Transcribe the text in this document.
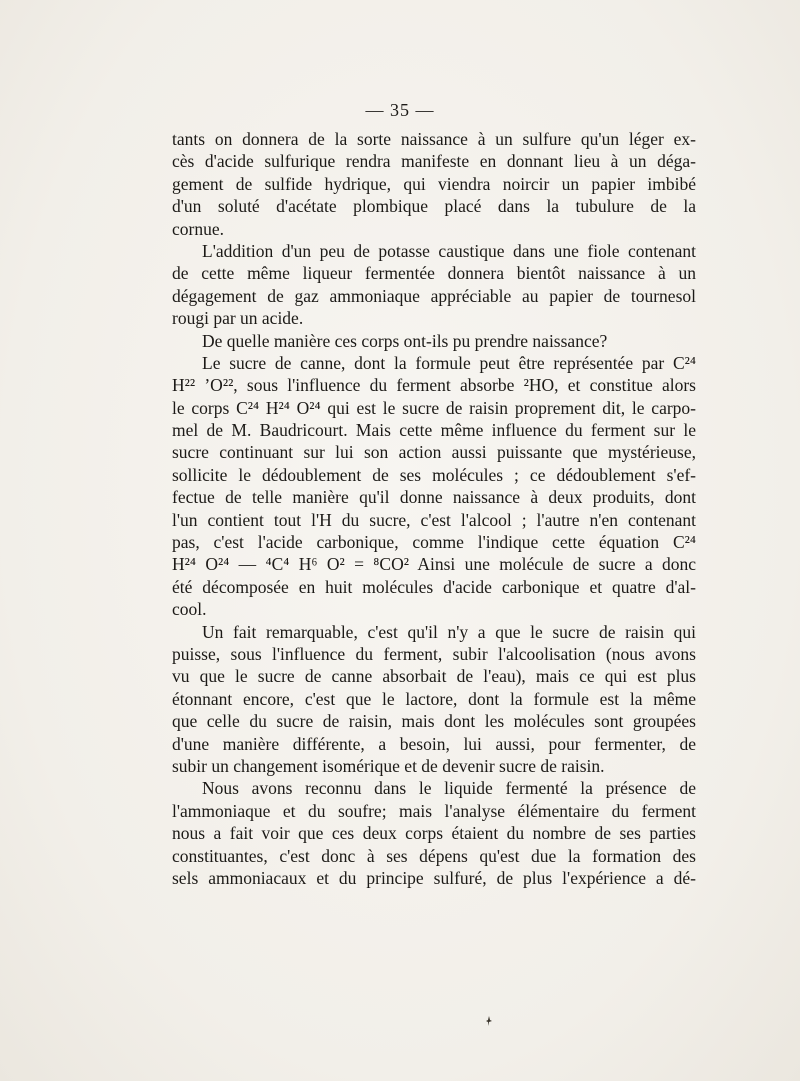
— 35 —
tants on donnera de la sorte naissance à un sulfure qu'un léger ex-
cès d'acide sulfurique rendra manifeste en donnant lieu à un déga-
gement de sulfide hydrique, qui viendra noircir un papier imbibé
d'un soluté d'acétate plombique placé dans la tubulure de la
cornue.
L'addition d'un peu de potasse caustique dans une fiole contenant
de cette même liqueur fermentée donnera bientôt naissance à un
dégagement de gaz ammoniaque appréciable au papier de tournesol
rougi par un acide.
De quelle manière ces corps ont-ils pu prendre naissance?
Le sucre de canne, dont la formule peut être représentée par C²⁴
H²² ’O²², sous l'influence du ferment absorbe ²HO, et constitue alors
le corps C²⁴ H²⁴ O²⁴ qui est le sucre de raisin proprement dit, le carpo-
mel de M. Baudricourt. Mais cette même influence du ferment sur le
sucre continuant sur lui son action aussi puissante que mystérieuse,
sollicite le dédoublement de ses molécules ; ce dédoublement s'ef-
fectue de telle manière qu'il donne naissance à deux produits, dont
l'un contient tout l'H du sucre, c'est l'alcool ; l'autre n'en contenant
pas, c'est l'acide carbonique, comme l'indique cette équation C²⁴
H²⁴ O²⁴ — ⁴C⁴ H⁶ O² = ⁸CO² Ainsi une molécule de sucre a donc
été décomposée en huit molécules d'acide carbonique et quatre d'al-
cool.
Un fait remarquable, c'est qu'il n'y a que le sucre de raisin qui
puisse, sous l'influence du ferment, subir l'alcoolisation (nous avons
vu que le sucre de canne absorbait de l'eau), mais ce qui est plus
étonnant encore, c'est que le lactore, dont la formule est la même
que celle du sucre de raisin, mais dont les molécules sont groupées
d'une manière différente, a besoin, lui aussi, pour fermenter, de
subir un changement isomérique et de devenir sucre de raisin.
Nous avons reconnu dans le liquide fermenté la présence de
l'ammoniaque et du soufre; mais l'analyse élémentaire du ferment
nous a fait voir que ces deux corps étaient du nombre de ses parties
constituantes, c'est donc à ses dépens qu'est due la formation des
sels ammoniacaux et du principe sulfuré, de plus l'expérience a dé-
